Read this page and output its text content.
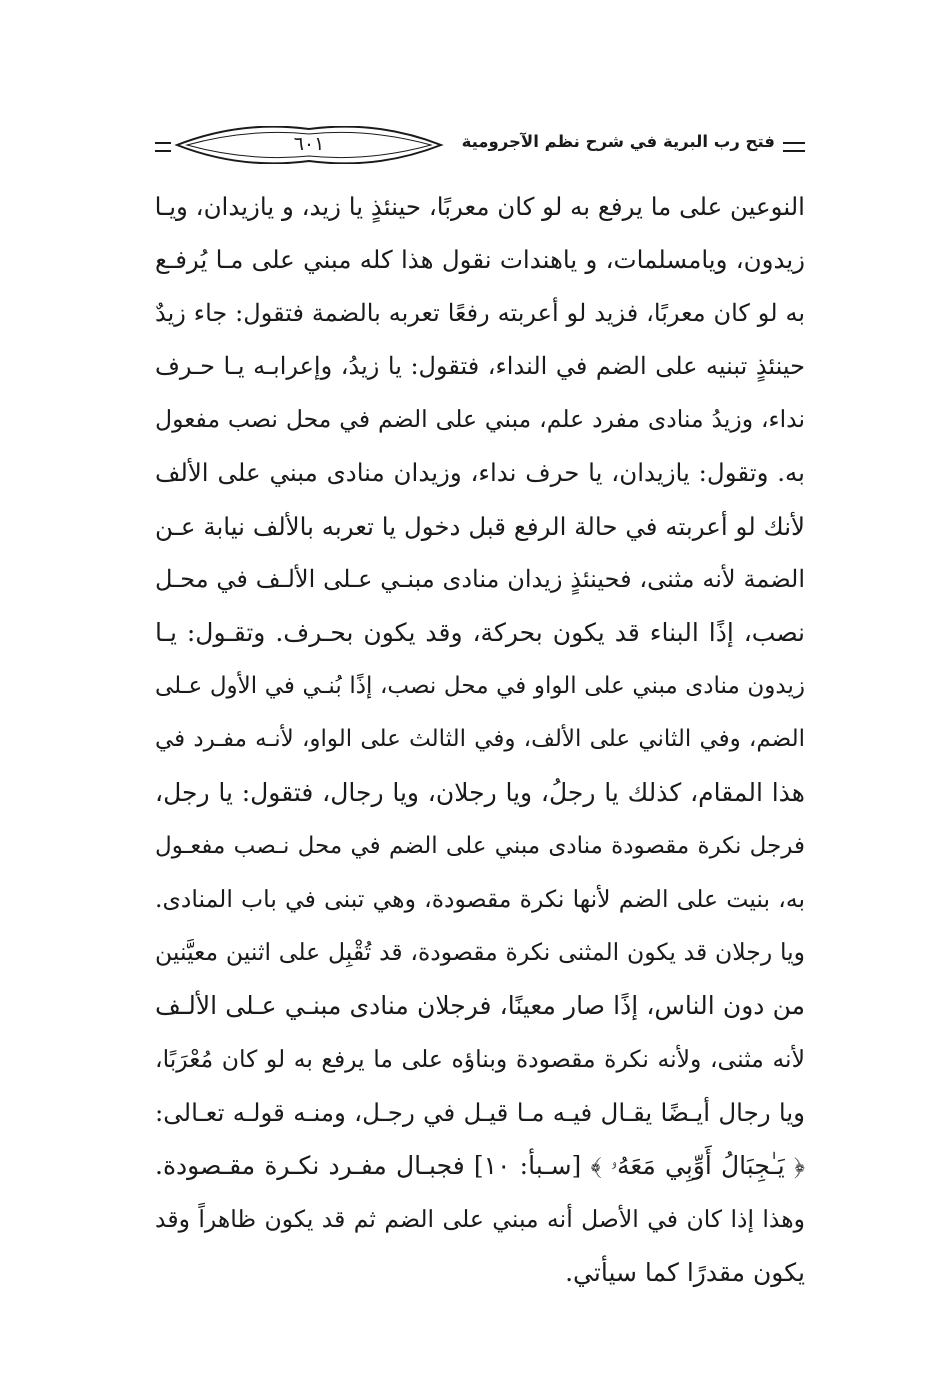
فتح رب البرية في شرح نظم الآجرومية
٦٠١
النوعين على ما يرفع به لو كان معربًا، حينئذٍ يا زيد، و يازيدان، ويـا
زيدون، ويامسلمات، و ياهندات نقول هذا كله مبني على مـا يُرفـع
به لو كان معربًا، فزيد لو أعربته رفعًا تعربه بالضمة فتقول: جاء زيدٌ
حينئذٍ تبنيه على الضم في النداء، فتقول: يا زيدُ، وإعرابـه يـا حـرف
نداء، وزيدُ منادى مفرد علم، مبني على الضم في محل نصب مفعول
به. وتقول: يازيدان، يا حرف نداء، وزيدان منادى مبني على الألف
لأنك لو أعربته في حالة الرفع قبل دخول يا تعربه بالألف نيابة عـن
الضمة لأنه مثنى، فحينئذٍ زيدان منادى مبنـي عـلى الألـف في محـل
نصب، إذًا البناء قد يكون بحركة، وقد يكون بحـرف. وتقـول: يـا
زيدون منادى مبني على الواو في محل نصب، إذًا بُنـي في الأول عـلى
الضم، وفي الثاني على الألف، وفي الثالث على الواو، لأنـه مفـرد في
هذا المقام، كذلك يا رجلُ، ويا رجلان، ويا رجال، فتقول: يا رجل،
فرجل نكرة مقصودة منادى مبني على الضم في محل نـصب مفعـول
به، بنيت على الضم لأنها نكرة مقصودة، وهي تبنى في باب المنادى.
ويا رجلان قد يكون المثنى نكرة مقصودة، قد تُقْبِل على اثنين معيَّنين
من دون الناس، إذًا صار معينًا، فرجلان منادى مبنـي عـلى الألـف
لأنه مثنى، ولأنه نكرة مقصودة وبناؤه على ما يرفع به لو كان مُعْرَبًا،
ويا رجال أيـضًا يقـال فيـه مـا قيـل في رجـل، ومنـه قولـه تعـالى:
﴿ يَـٰجِبَالُ أَوِّبِي مَعَهُۥ ﴾ [سـبأ: ١٠] فجبـال مفـرد نكـرة مقـصودة.
وهذا إذا كان في الأصل أنه مبني على الضم ثم قد يكون ظاهراً وقد
يكون مقدرًا كما سيأتي.
